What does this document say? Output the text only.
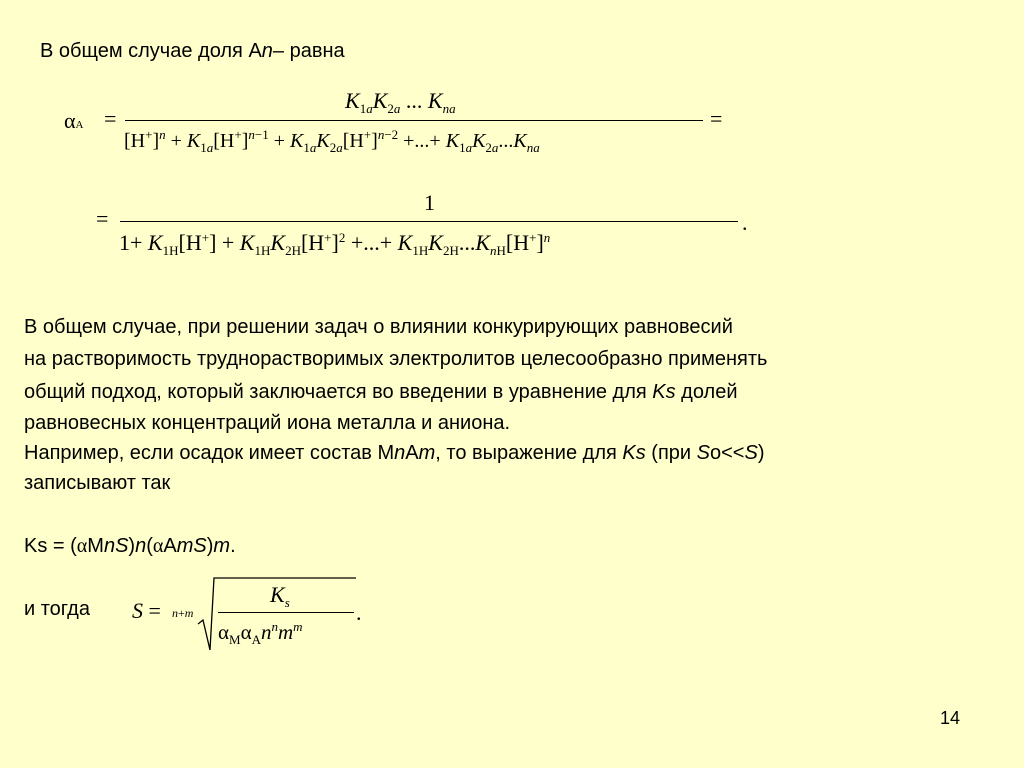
В общем случае доля Аn– равна
αA =
$K_{1a}K_{2a}$ ... $K_{na}$
$[H^+]^n + K_{1a}[H^+]^{n-1} + K_{1a}K_{2a}[H^+]^{n-2}$ +...+ $K_{1a}K_{2a}...K_{na}$
=
=
1
$1+ K_{1H}[H^+] + K_{1H}K_{2H}[H^+]^2$ +...+ $K_{1H}K_{2H}...K_{nH}[H^+]^n$
.
В общем случае, при решении задач о влиянии конкурирующих равновесий
на растворимость труднорастворимых электролитов целесообразно применять
общий подход, который заключается во введении в уравнение для Ks долей
равновесных концентраций иона металла и аниона.
Например, если осадок имеет состав МnАm, то выражение для Ks (при So<<S)
записывают так
Ks = (αMnS)n(αAmS)m.
и тогда S = n+m
$K_s$
$\alpha_M\alpha_An^nm^m$
.
14
